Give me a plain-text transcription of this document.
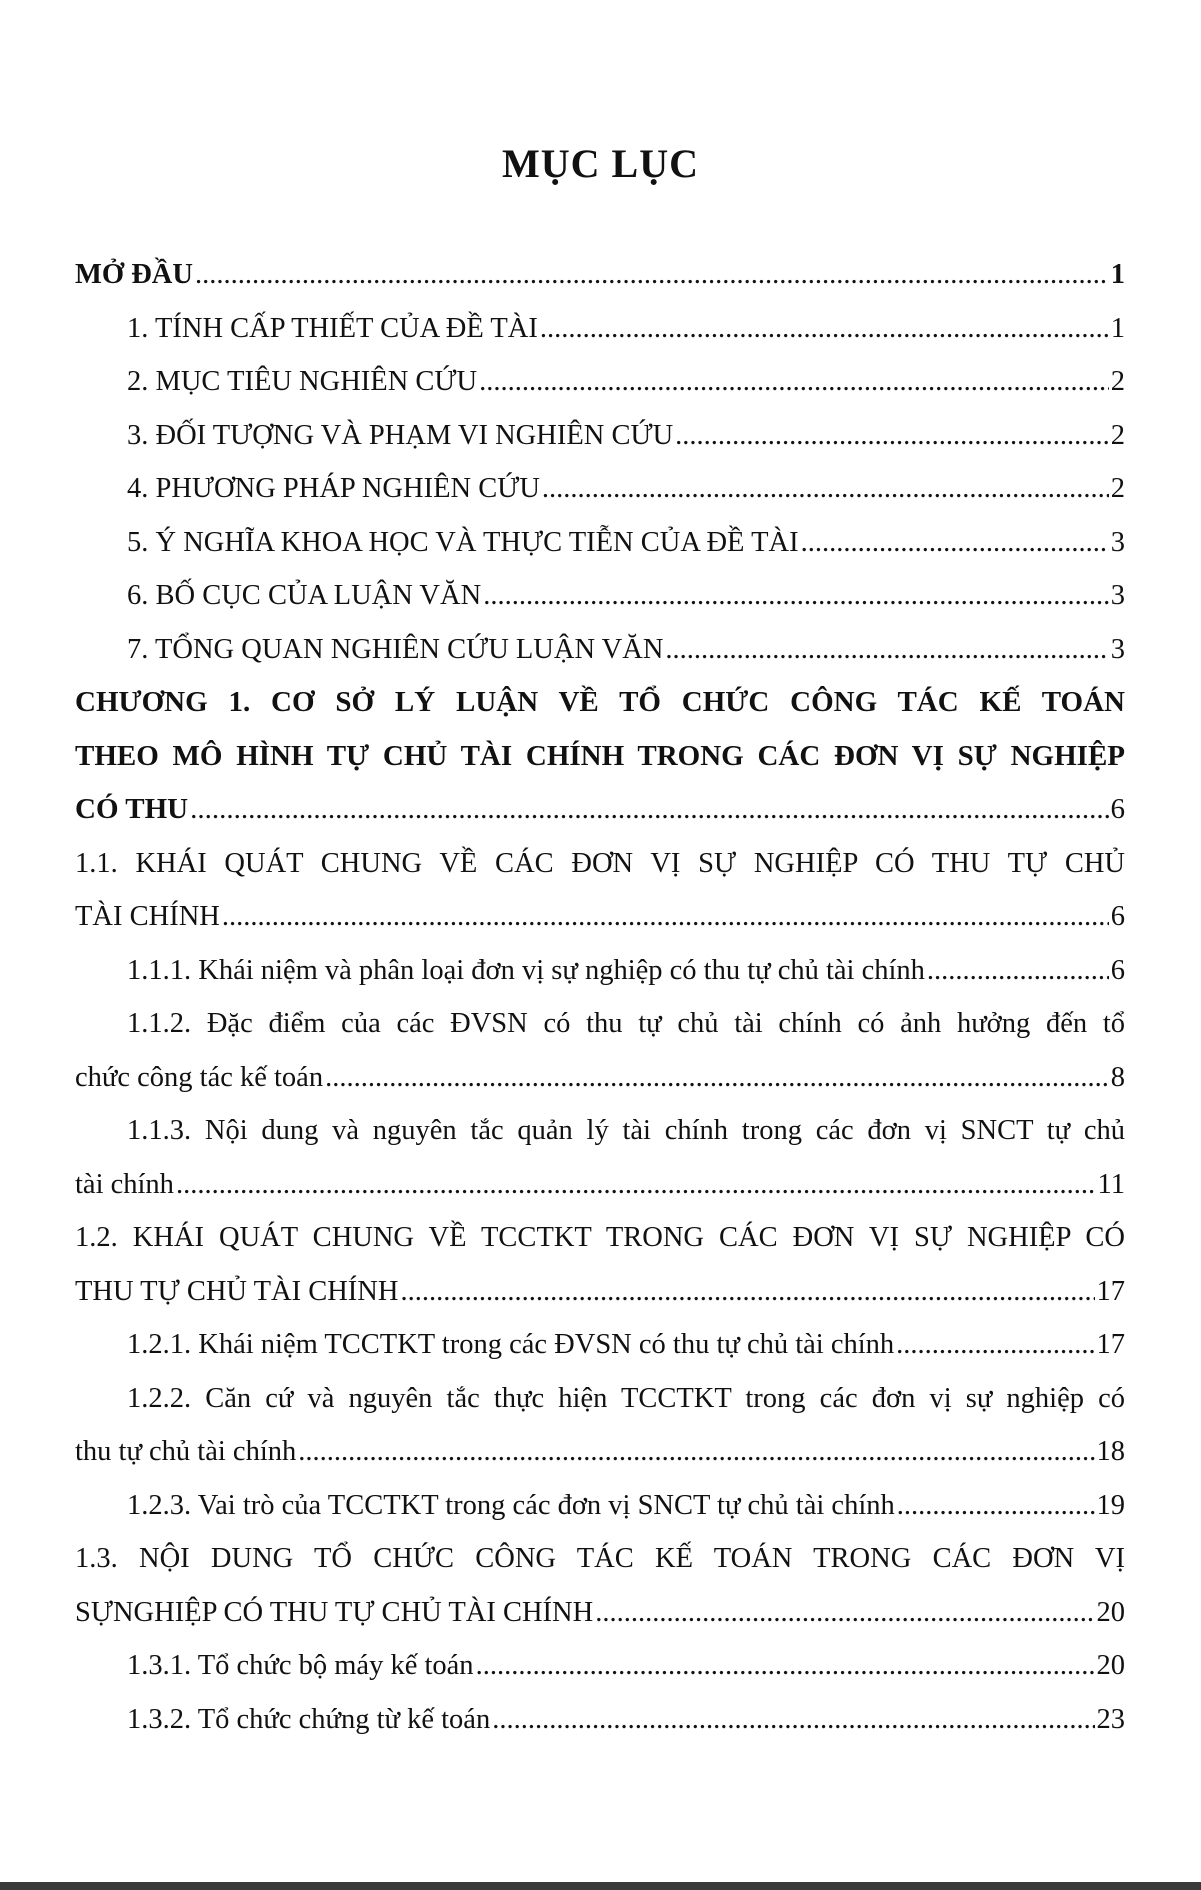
MỤC LỤC
MỞ ĐẦU .....	1
1. TÍNH CẤP THIẾT CỦA ĐỀ TÀI .....	1
2. MỤC TIÊU NGHIÊN CỨU .....	2
3. ĐỐI TƯỢNG VÀ PHẠM VI NGHIÊN CỨU .....	2
4. PHƯƠNG PHÁP NGHIÊN CỨU .....	2
5. Ý NGHĨA KHOA HỌC VÀ THỰC TIỄN CỦA ĐỀ TÀI .....	3
6. BỐ CỤC CỦA LUẬN VĂN .....	3
7. TỔNG QUAN NGHIÊN CỨU LUẬN VĂN .....	3
CHƯƠNG 1. CƠ SỞ LÝ LUẬN VỀ TỔ CHỨC CÔNG TÁC KẾ TOÁN
THEO MÔ HÌNH TỰ CHỦ TÀI CHÍNH TRONG CÁC ĐƠN VỊ SỰ NGHIỆP
CÓ THU .....	6
1.1. KHÁI QUÁT CHUNG VỀ CÁC ĐƠN VỊ SỰ NGHIỆP CÓ THU TỰ CHỦ
TÀI CHÍNH .....	6
1.1.1. Khái niệm và phân loại đơn vị sự nghiệp có thu tự chủ tài chính .....	6
1.1.2. Đặc điểm của các ĐVSN có thu tự chủ tài chính có ảnh hưởng đến tổ
chức công tác kế toán .....	8
1.1.3. Nội dung và nguyên tắc quản lý tài chính trong các đơn vị SNCT tự chủ
tài chính .....	11
1.2. KHÁI QUÁT CHUNG VỀ TCCTKT TRONG CÁC ĐƠN VỊ SỰ NGHIỆP CÓ
THU TỰ CHỦ TÀI CHÍNH .....	17
1.2.1. Khái niệm TCCTKT trong các ĐVSN có thu tự chủ tài chính .....	17
1.2.2. Căn cứ và nguyên tắc thực hiện TCCTKT trong các đơn vị sự nghiệp có
thu tự chủ tài chính .....	18
1.2.3. Vai trò của TCCTKT trong các đơn vị SNCT tự chủ tài chính .....	19
1.3. NỘI DUNG TỔ CHỨC CÔNG TÁC KẾ TOÁN TRONG CÁC ĐƠN VỊ
SỰNGHIỆP CÓ THU TỰ CHỦ TÀI CHÍNH .....	20
1.3.1. Tổ chức bộ máy kế toán .....	20
1.3.2. Tổ chức chứng từ kế toán .....	23
